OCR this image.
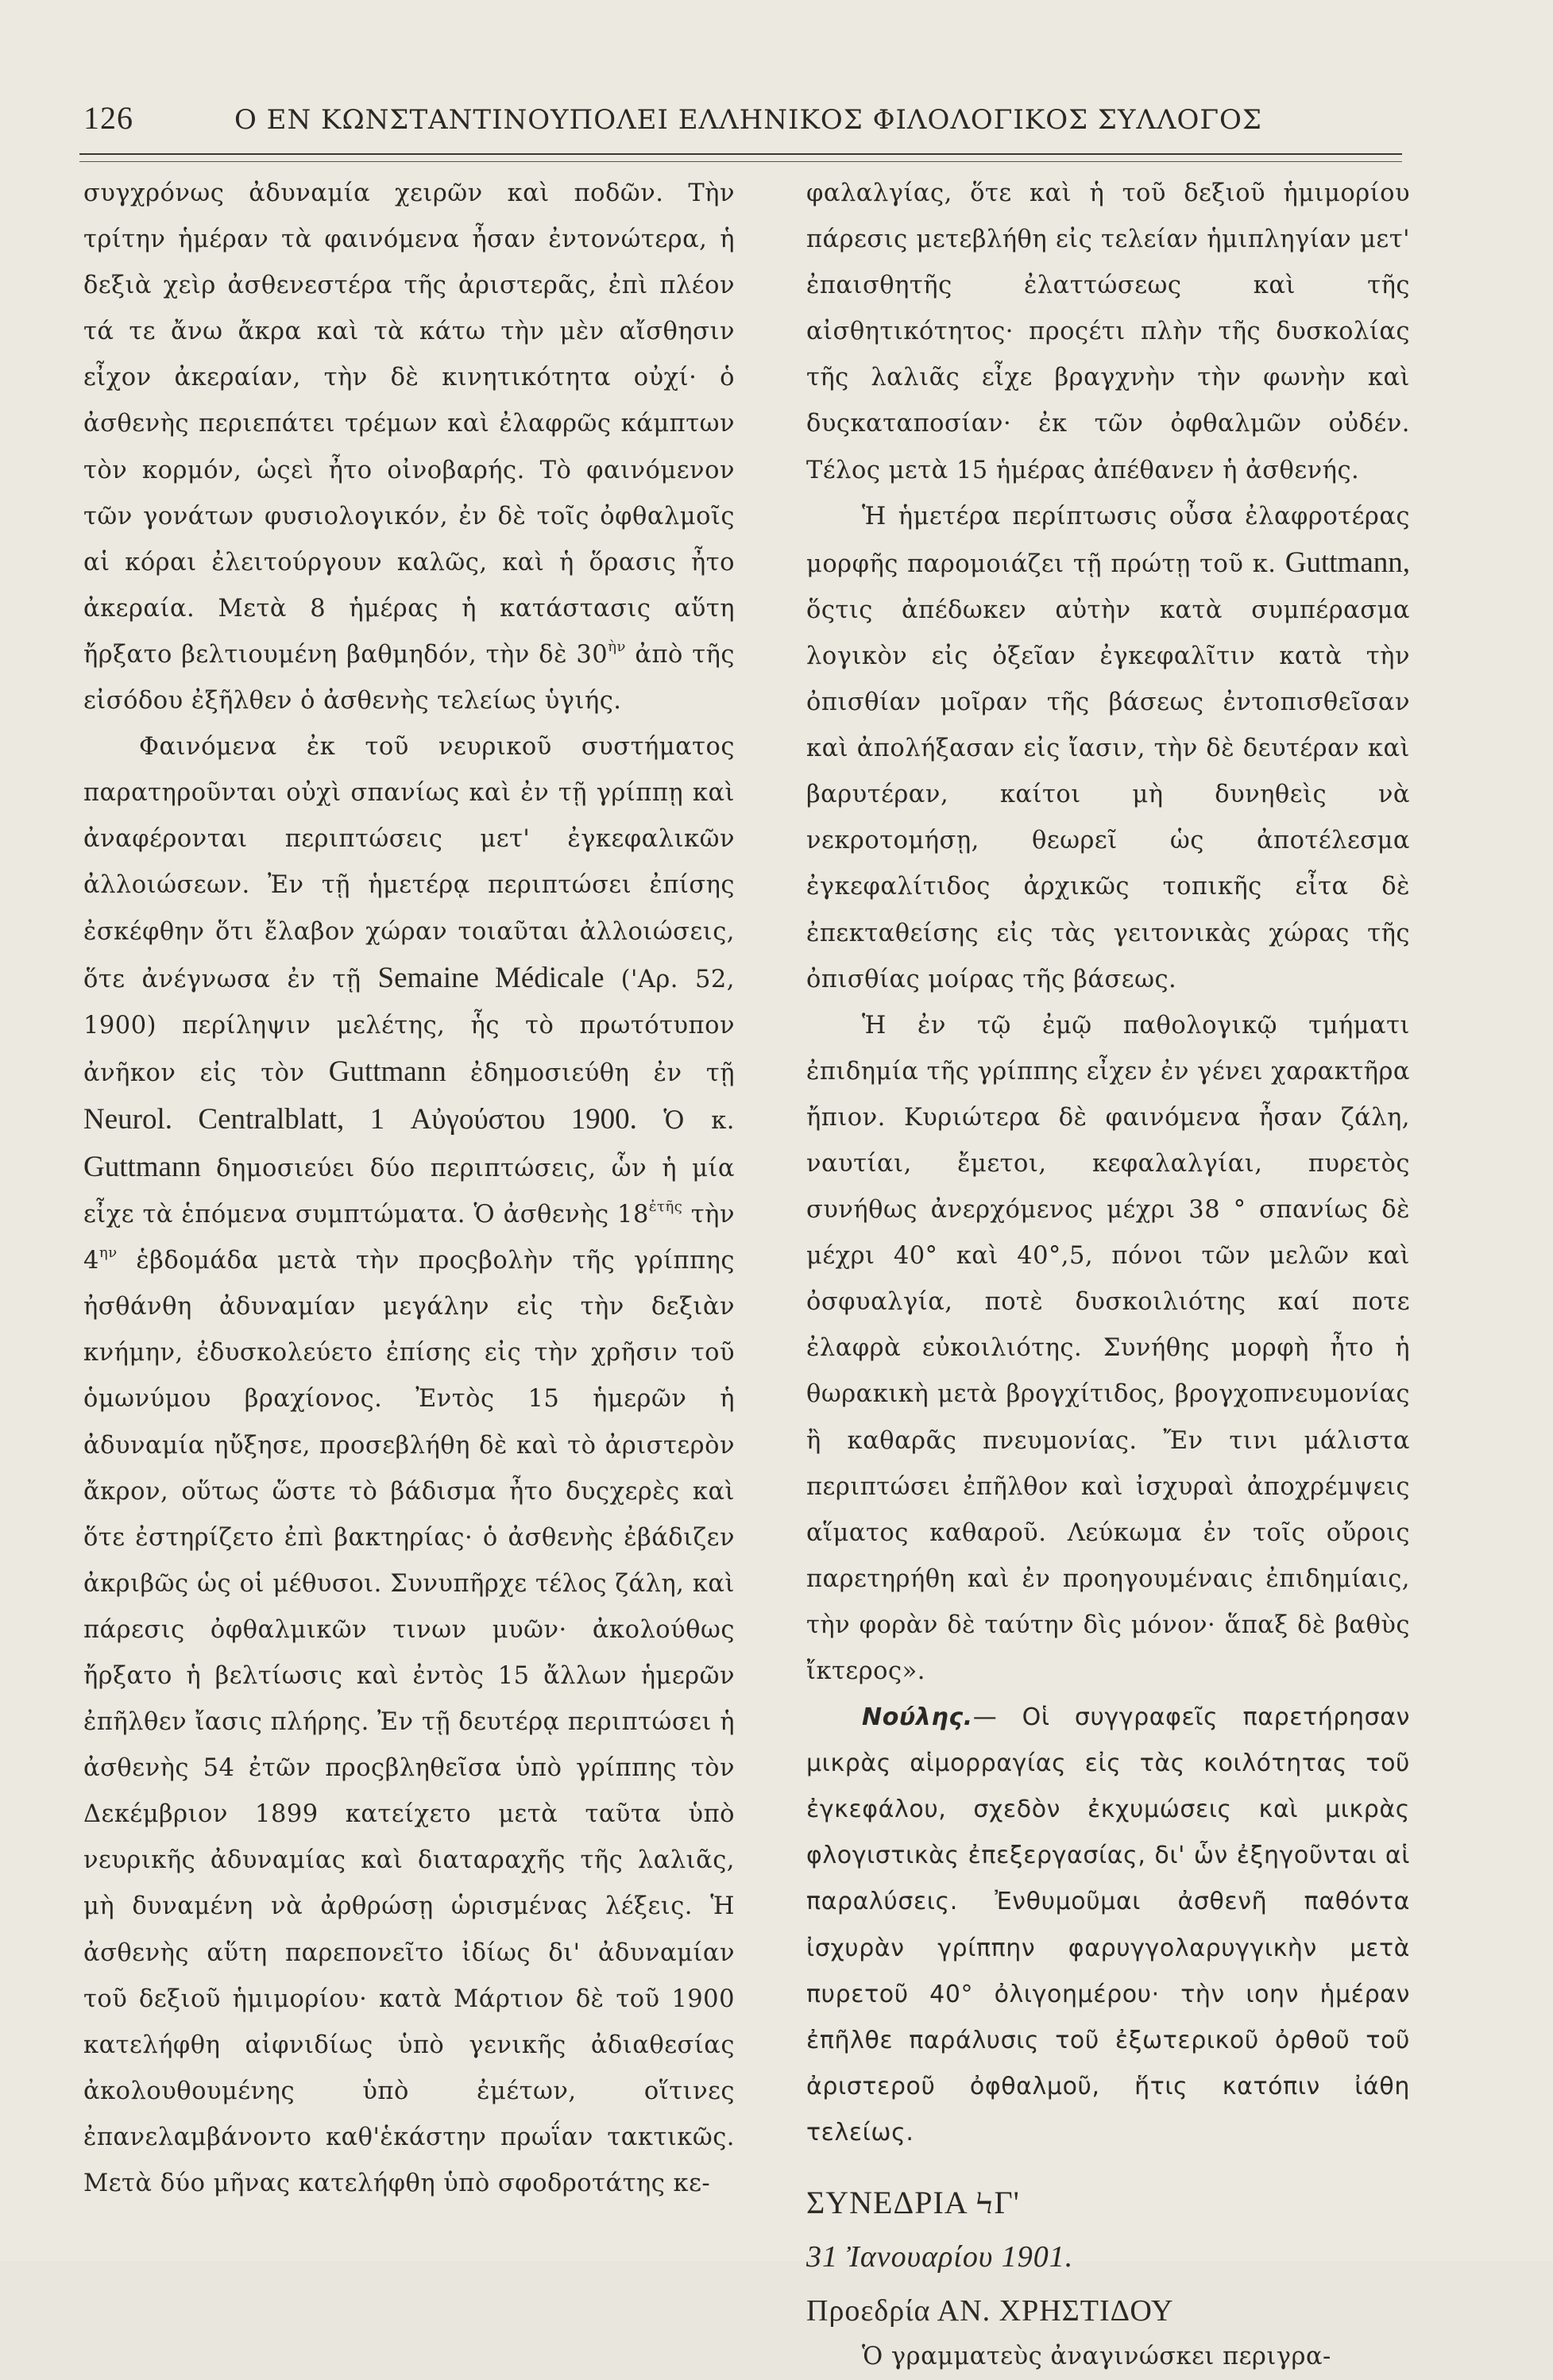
126	Ο ΕΝ ΚΩΝΣΤΑΝΤΙΝΟΥΠΟΛΕΙ ΕΛΛΗΝΙΚΟΣ ΦΙΛΟΛΟΓΙΚΟΣ ΣΥΛΛΟΓΟΣ

συγχρόνως ἀδυναμία χειρῶν καὶ ποδῶν. Τὴν τρίτην ἡμέραν τὰ φαινόμενα ἦσαν ἐντονώτερα, ἡ δεξιὰ χεὶρ ἀσθενεστέρα τῆς ἀριστερᾶς, ἐπὶ πλέον τά τε ἄνω ἄκρα καὶ τὰ κάτω τὴν μὲν αἴσθησιν εἶχον ἀκεραίαν, τὴν δὲ κινητικότητα οὐχί· ὁ ἀσθενὴς περιεπάτει τρέμων καὶ ἐλαφρῶς κάμπτων τὸν κορμόν, ὡςεὶ ἦτο οἰνοβαρής. Τὸ φαινόμενον τῶν γονάτων φυσιολογικόν, ἐν δὲ τοῖς ὀφθαλμοῖς αἱ κόραι ἐλειτούργουν καλῶς, καὶ ἡ ὅρασις ἦτο ἀκεραία. Μετὰ 8 ἡμέρας ἡ κατάστασις αὕτη ἤρξατο βελτιουμένη βαθμηδόν, τὴν δὲ $30^{ὴ\nu}$ ἀπὸ τῆς εἰσόδου ἐξῆλθεν ὁ ἀσθενὴς τελείως ὑγιής.

Φαινόμενα ἐκ τοῦ νευρικοῦ συστήματος παρατηροῦνται οὐχὶ σπανίως καὶ ἐν τῇ γρίππῃ καὶ ἀναφέρονται περιπτώσεις μετ' ἐγκεφαλικῶν ἀλλοιώσεων. Ἐν τῇ ἡμετέρᾳ περιπτώσει ἐπίσης ἐσκέφθην ὅτι ἔλαβον χώραν τοιαῦται ἀλλοιώσεις, ὅτε ἀνέγνωσα ἐν τῇ Semaine Médicale ('Αρ. 52, 1900) περίληψιν μελέτης, ἧς τὸ πρωτότυπον ἀνῆκον εἰς τὸν Guttmann ἐδημοσιεύθη ἐν τῇ Neurol. Centralblatt, 1 Αὐγούστου 1900. Ὁ κ. Guttmann δημοσιεύει δύο περιπτώσεις, ὧν ἡ μία εἶχε τὰ ἑπόμενα συμπτώματα. Ὁ ἀσθενὴς $18^{ἐ\tau ῆ\varsigma}$ τὴν $4^{\eta\nu}$ ἑβδομάδα μετὰ τὴν προςβολὴν τῆς γρίππης ἠσθάνθη ἀδυναμίαν μεγάλην εἰς τὴν δεξιὰν κνήμην, ἐδυσκολεύετο ἐπίσης εἰς τὴν χρῆσιν τοῦ ὁμωνύμου βραχίονος. Ἐντὸς 15 ἡμερῶν ἡ ἀδυναμία ηὔξησε, προσεβλήθη δὲ καὶ τὸ ἀριστερὸν ἄκρον, οὕτως ὥστε τὸ βάδισμα ἦτο δυςχερὲς καὶ ὅτε ἐστηρίζετο ἐπὶ βακτηρίας· ὁ ἀσθενὴς ἐβάδιζεν ἀκριβῶς ὡς οἱ μέθυσοι. Συνυπῆρχε τέλος ζάλη, καὶ πάρεσις ὀφθαλμικῶν τινων μυῶν· ἀκολούθως ἤρξατο ἡ βελτίωσις καὶ ἐντὸς 15 ἄλλων ἡμερῶν ἐπῆλθεν ἴασις πλήρης. Ἐν τῇ δευτέρᾳ περιπτώσει ἡ ἀσθενὴς 54 ἐτῶν προςβληθεῖσα ὑπὸ γρίππης τὸν Δεκέμβριον 1899 κατείχετο μετὰ ταῦτα ὑπὸ νευρικῆς ἀδυναμίας καὶ διαταραχῆς τῆς λαλιᾶς, μὴ δυναμένη νὰ ἀρθρώσῃ ὡρισμένας λέξεις. Ἡ ἀσθενὴς αὕτη παρεπονεῖτο ἰδίως δι' ἀδυναμίαν τοῦ δεξιοῦ ἡμιμορίου· κατὰ Μάρτιον δὲ τοῦ 1900 κατελήφθη αἰφνιδίως ὑπὸ γενικῆς ἀδιαθεσίας ἀκολουθουμένης ὑπὸ ἐμέτων, οἵτινες ἐπανελαμβάνοντο καθ'ἑκάστην πρωΐαν τακτικῶς. Μετὰ δύο μῆνας κατελήφθη ὑπὸ σφοδροτάτης κε-

φαλαλγίας, ὅτε καὶ ἡ τοῦ δεξιοῦ ἡμιμορίου πάρεσις μετεβλήθη εἰς τελείαν ἡμιπληγίαν μετ' ἐπαισθητῆς ἐλαττώσεως καὶ τῆς αἰσθητικότητος· προςέτι πλὴν τῆς δυσκολίας τῆς λαλιᾶς εἶχε βραγχνὴν τὴν φωνὴν καὶ δυςκαταποσίαν· ἐκ τῶν ὀφθαλμῶν οὐδέν. Τέλος μετὰ 15 ἡμέρας ἀπέθανεν ἡ ἀσθενής.

Ἡ ἡμετέρα περίπτωσις οὖσα ἐλαφροτέρας μορφῆς παρομοιάζει τῇ πρώτῃ τοῦ κ. Guttmann, ὅςτις ἀπέδωκεν αὐτὴν κατὰ συμπέρασμα λογικὸν εἰς ὀξεῖαν ἐγκεφαλῖτιν κατὰ τὴν ὀπισθίαν μοῖραν τῆς βάσεως ἐντοπισθεῖσαν καὶ ἀπολήξασαν εἰς ἴασιν, τὴν δὲ δευτέραν καὶ βαρυτέραν, καίτοι μὴ δυνηθεὶς νὰ νεκροτομήσῃ, θεωρεῖ ὡς ἀποτέλεσμα ἐγκεφαλίτιδος ἀρχικῶς τοπικῆς εἶτα δὲ ἐπεκταθείσης εἰς τὰς γειτονικὰς χώρας τῆς ὀπισθίας μοίρας τῆς βάσεως.

Ἡ ἐν τῷ ἐμῷ παθολογικῷ τμήματι ἐπιδημία τῆς γρίππης εἶχεν ἐν γένει χαρακτῆρα ἤπιον. Κυριώτερα δὲ φαινόμενα ἦσαν ζάλη, ναυτίαι, ἔμετοι, κεφαλαλγίαι, πυρετὸς συνήθως ἀνερχόμενος μέχρι 38 ° σπανίως δὲ μέχρι 40° καὶ 40°,5, πόνοι τῶν μελῶν καὶ ὀσφυαλγία, ποτὲ δυσκοιλιότης καί ποτε ἐλαφρὰ εὐκοιλιότης. Συνήθης μορφὴ ἦτο ἡ θωρακικὴ μετὰ βρογχίτιδος, βρογχοπνευμονίας ἢ καθαρᾶς πνευμονίας. Ἔν τινι μάλιστα περιπτώσει ἐπῆλθον καὶ ἰσχυραὶ ἀποχρέμψεις αἵματος καθαροῦ. Λεύκωμα ἐν τοῖς οὔροις παρετηρήθη καὶ ἐν προηγουμέναις ἐπιδημίαις, τὴν φορὰν δὲ ταύτην δὶς μόνον· ἅπαξ δὲ βαθὺς ἴκτερος».

Νούλης.— Οἱ συγγραφεῖς παρετήρησαν μικρὰς αἱμορραγίας εἰς τὰς κοιλότητας τοῦ ἐγκεφάλου, σχεδὸν ἐκχυμώσεις καὶ μικρὰς φλογιστικὰς ἐπεξεργασίας, δι' ὧν ἐξηγοῦνται αἱ παραλύσεις. Ἐνθυμοῦμαι ἀσθενῆ παθόντα ἰσχυρὰν γρίππην φαρυγγολαρυγγικὴν μετὰ πυρετοῦ 40° ὀλιγοημέρου· τὴν ιοην ἡμέραν ἐπῆλθε παράλυσις τοῦ ἐξωτερικοῦ ὀρθοῦ τοῦ ἀριστεροῦ ὀφθαλμοῦ, ἥτις κατόπιν ἰάθη τελείως.

ΣΥΝΕΔΡΙΑ ϞΓ'

31 Ἰανουαρίου 1901.

Προεδρία ΑΝ. ΧΡΗΣΤΙΔΟΥ

Ὁ γραμματεὺς ἀναγινώσκει περιγρα-
